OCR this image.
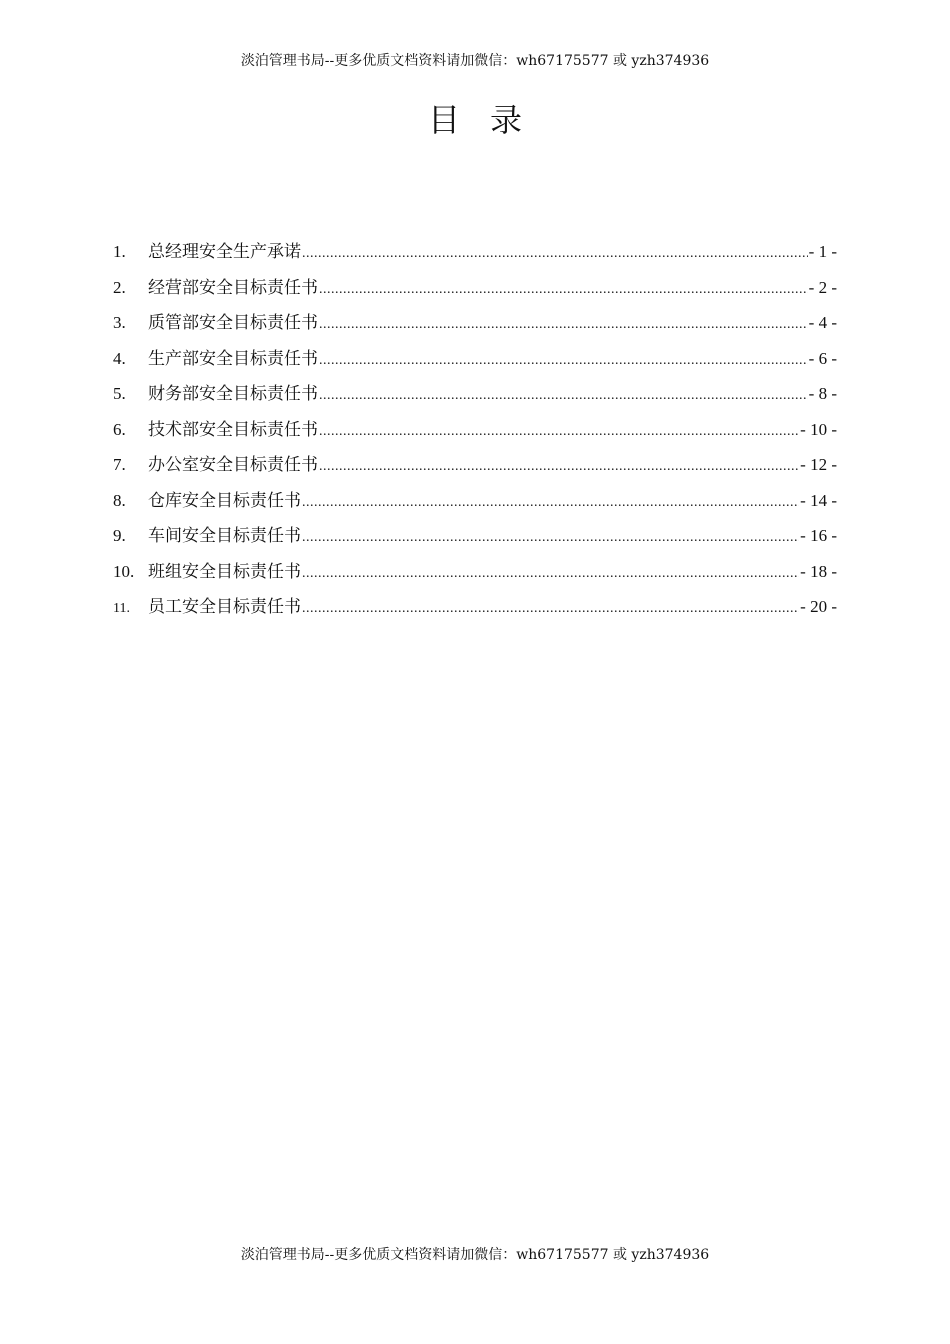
淡泊管理书局--更多优质文档资料请加微信：wh67175577 或 yzh374936
目录
1.	总经理安全生产承诺 .....	- 1 -
2.	经营部安全目标责任书 .....	- 2 -
3.	质管部安全目标责任书 .....	- 4 -
4.	生产部安全目标责任书 .....	- 6 -
5.	财务部安全目标责任书 .....	- 8 -
6.	技术部安全目标责任书 .....	- 10 -
7.	办公室安全目标责任书 .....	- 12 -
8.	仓库安全目标责任书 .....	- 14 -
9.	车间安全目标责任书 .....	- 16 -
10. 班组安全目标责任书 .....	- 18 -
11.	员工安全目标责任书 .....	- 20 -
淡泊管理书局--更多优质文档资料请加微信：wh67175577 或 yzh374936
